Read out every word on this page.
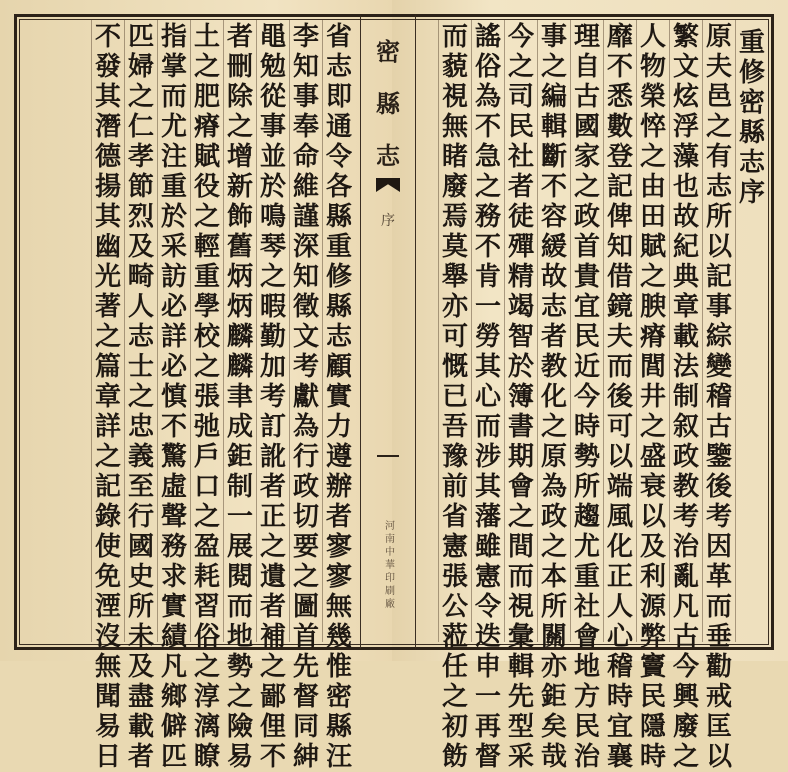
重
修
密
縣
志
序
原
夫
邑
之
有
志
所
以
記
事
綜
變
稽
古
鑒
後
考
因
革
而
垂
勸
戒
匡
以
繁
文
炫
浮
藻
也
故
紀
典
章
載
法
制
叙
政
教
考
治
亂
凡
古
今
興
廢
之
人
物
榮
悴
之
由
田
賦
之
腴
瘠
閭
井
之
盛
衰
以
及
利
源
弊
竇
民
隱
時
靡
不
悉
數
登
記
俾
知
借
鏡
夫
而
後
可
以
端
風
化
正
人
心
稽
時
宜
襄
理
自
古
國
家
之
政
首
貴
宜
民
近
今
時
勢
所
趨
尤
重
社
會
地
方
民
治
事
之
編
輯
斷
不
容
緩
故
志
者
教
化
之
原
為
政
之
本
所
關
亦
鉅
矣
哉
今
之
司
民
社
者
徒
殫
精
竭
智
於
簿
書
期
會
之
間
而
視
彙
輯
先
型
采
謠
俗
為
不
急
之
務
不
肯
一
勞
其
心
而
涉
其
藩
雖
憲
令
迭
申
一
再
督
而
藐
視
無
睹
廢
焉
莫
舉
亦
可
慨
已
吾
豫
前
省
憲
張
公
蒞
任
之
初
飭
省
志
即
通
令
各
縣
重
修
縣
志
顧
實
力
遵
辦
者
寥
寥
無
幾
惟
密
縣
汪
李
知
事
奉
命
維
謹
深
知
徵
文
考
獻
為
行
政
切
要
之
圖
首
先
督
同
紳
黽
勉
從
事
並
於
鳴
琴
之
暇
勤
加
考
訂
訛
者
正
之
遺
者
補
之
鄙
俚
不
者
刪
除
之
增
新
飾
舊
炳
炳
麟
麟
聿
成
鉅
制
一
展
閱
而
地
勢
之
險
易
土
之
肥
瘠
賦
役
之
輕
重
學
校
之
張
弛
戶
口
之
盈
耗
習
俗
之
淳
漓
瞭
指
掌
而
尤
注
重
於
采
訪
必
詳
必
慎
不
驚
虛
聲
務
求
實
績
凡
鄉
僻
匹
匹
婦
之
仁
孝
節
烈
及
畸
人
志
士
之
忠
義
至
行
國
史
所
未
及
盡
載
者
不
發
其
潛
德
揚
其
幽
光
著
之
篇
章
詳
之
記
錄
使
免
湮
沒
無
聞
易
日
密
縣
志
序
河
南
中
華
印
刷
廠
